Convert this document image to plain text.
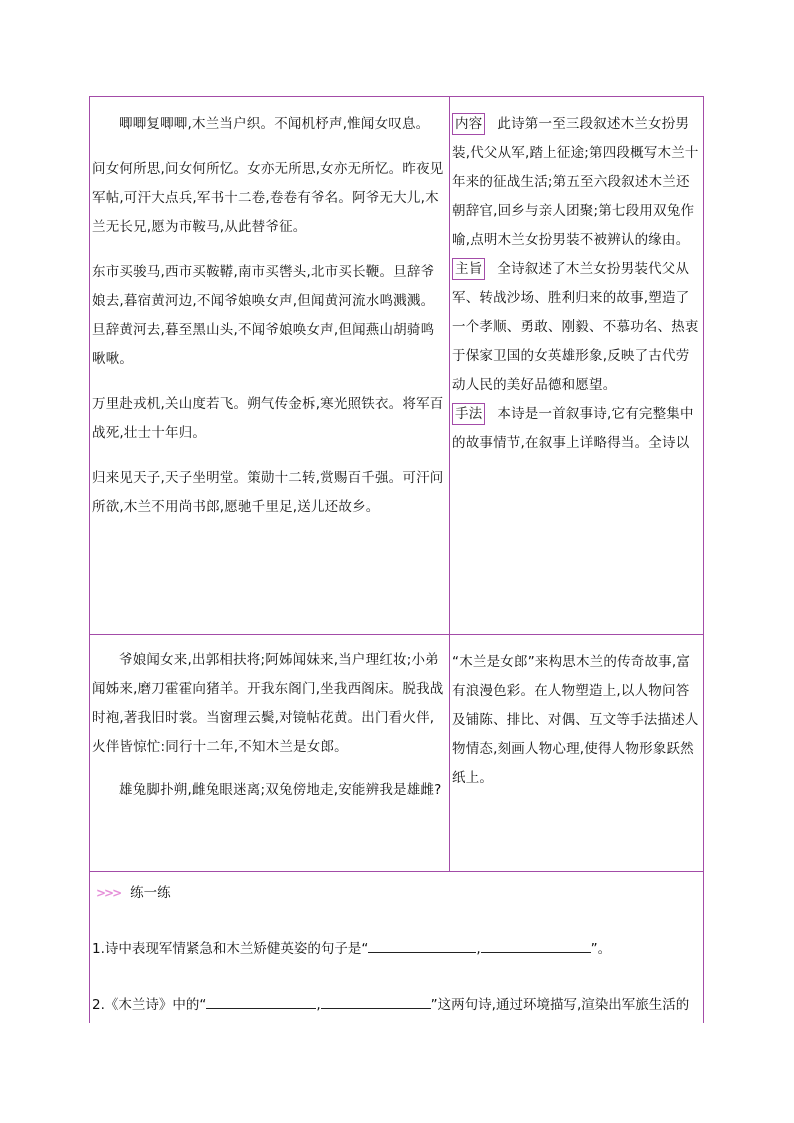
唧唧复唧唧,木兰当户织。不闻机杼声,惟闻女叹息。

问女何所思,问女何所忆。女亦无所思,女亦无所忆。昨夜见军帖,可汗大点兵,军书十二卷,卷卷有爷名。阿爷无大儿,木兰无长兄,愿为市鞍马,从此替爷征。

东市买骏马,西市买鞍鞯,南市买辔头,北市买长鞭。旦辞爷娘去,暮宿黄河边,不闻爷娘唤女声,但闻黄河流水鸣溅溅。旦辞黄河去,暮至黑山头,不闻爷娘唤女声,但闻燕山胡骑鸣啾啾。

万里赴戎机,关山度若飞。朔气传金柝,寒光照铁衣。将军百战死,壮士十年归。

归来见天子,天子坐明堂。策勋十二转,赏赐百千强。可汗问所欲,木兰不用尚书郎,愿驰千里足,送儿还故乡。

内容 此诗第一至三段叙述木兰女扮男装,代父从军,踏上征途;第四段概写木兰十年来的征战生活;第五至六段叙述木兰还朝辞官,回乡与亲人团聚;第七段用双兔作喻,点明木兰女扮男装不被辨认的缘由。

主旨 全诗叙述了木兰女扮男装代父从军、转战沙场、胜利归来的故事,塑造了一个孝顺、勇敢、刚毅、不慕功名、热衷于保家卫国的女英雄形象,反映了古代劳动人民的美好品德和愿望。

手法 本诗是一首叙事诗,它有完整集中的故事情节,在叙事上详略得当。全诗以

爷娘闻女来,出郭相扶将;阿姊闻妹来,当户理红妆;小弟闻姊来,磨刀霍霍向猪羊。开我东阁门,坐我西阁床。脱我战时袍,著我旧时裳。当窗理云鬓,对镜帖花黄。出门看火伴,火伴皆惊忙:同行十二年,不知木兰是女郎。

雄兔脚扑朔,雌兔眼迷离;双兔傍地走,安能辨我是雄雌?

“木兰是女郎”来构思木兰的传奇故事,富有浪漫色彩。在人物塑造上,以人物问答及铺陈、排比、对偶、互文等手法描述人物情态,刻画人物心理,使得人物形象跃然纸上。

>>> 练一练
1.诗中表现军情紧急和木兰矫健英姿的句子是“	,	”。
2.《木兰诗》中的“	,	”这两句诗,通过环境描写,渲染出军旅生活的
